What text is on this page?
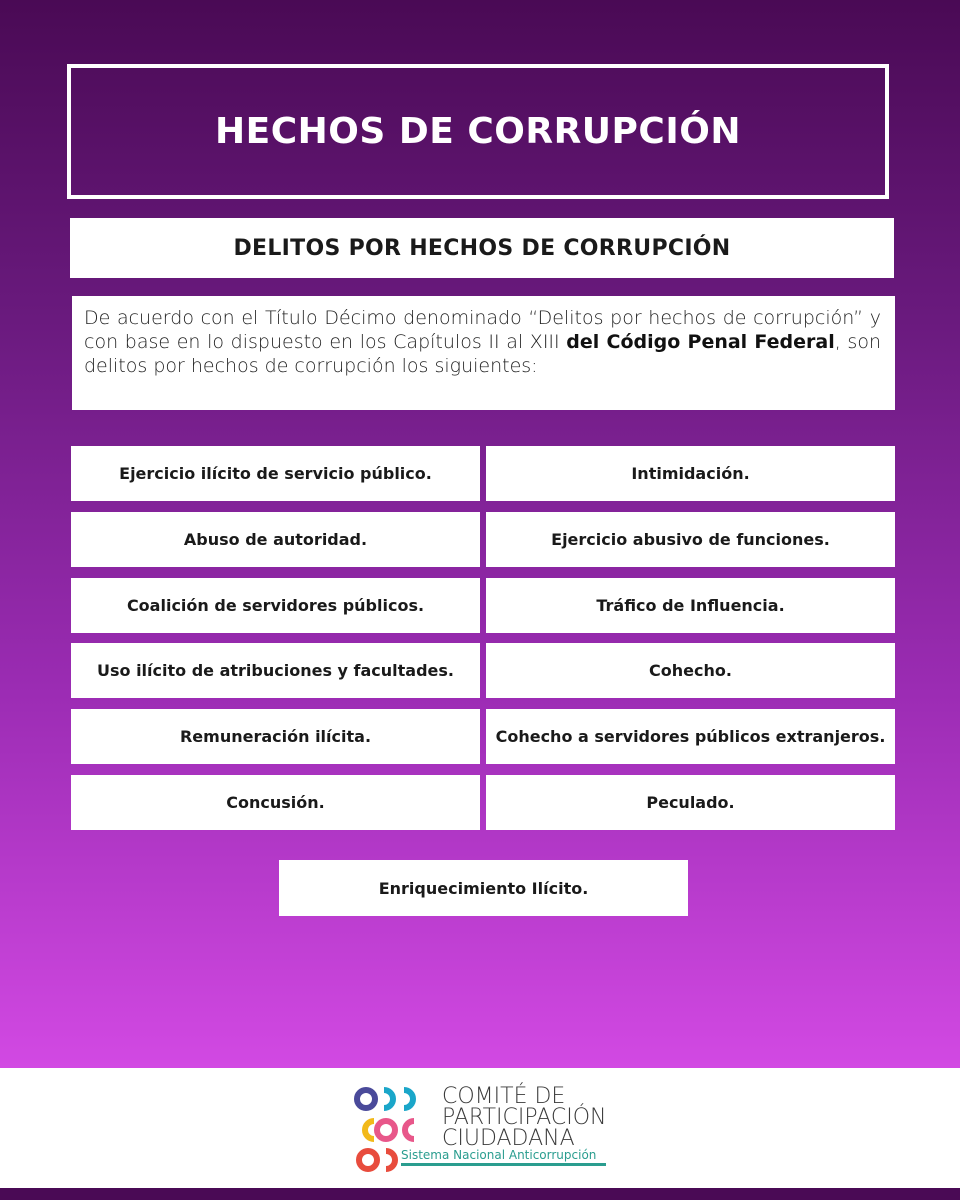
HECHOS DE CORRUPCIÓN
DELITOS POR HECHOS DE CORRUPCIÓN

De acuerdo con el Título Décimo denominado “Delitos por hechos de corrupción” y con base en lo dispuesto en los Capítulos II al XIII del Código Penal Federal, son delitos por hechos de corrupción los siguientes:

Ejercicio ilícito de servicio público.	Intimidación.
Abuso de autoridad.	Ejercicio abusivo de funciones.
Coalición de servidores públicos.	Tráfico de Influencia.
Uso ilícito de atribuciones y facultades.	Cohecho.
Remuneración ilícita.	Cohecho a servidores públicos extranjeros.
Concusión.	Peculado.
Enriquecimiento Ilícito.
COMITÉ DE
PARTICIPACIÓN
CIUDADANA
Sistema Nacional Anticorrupción
